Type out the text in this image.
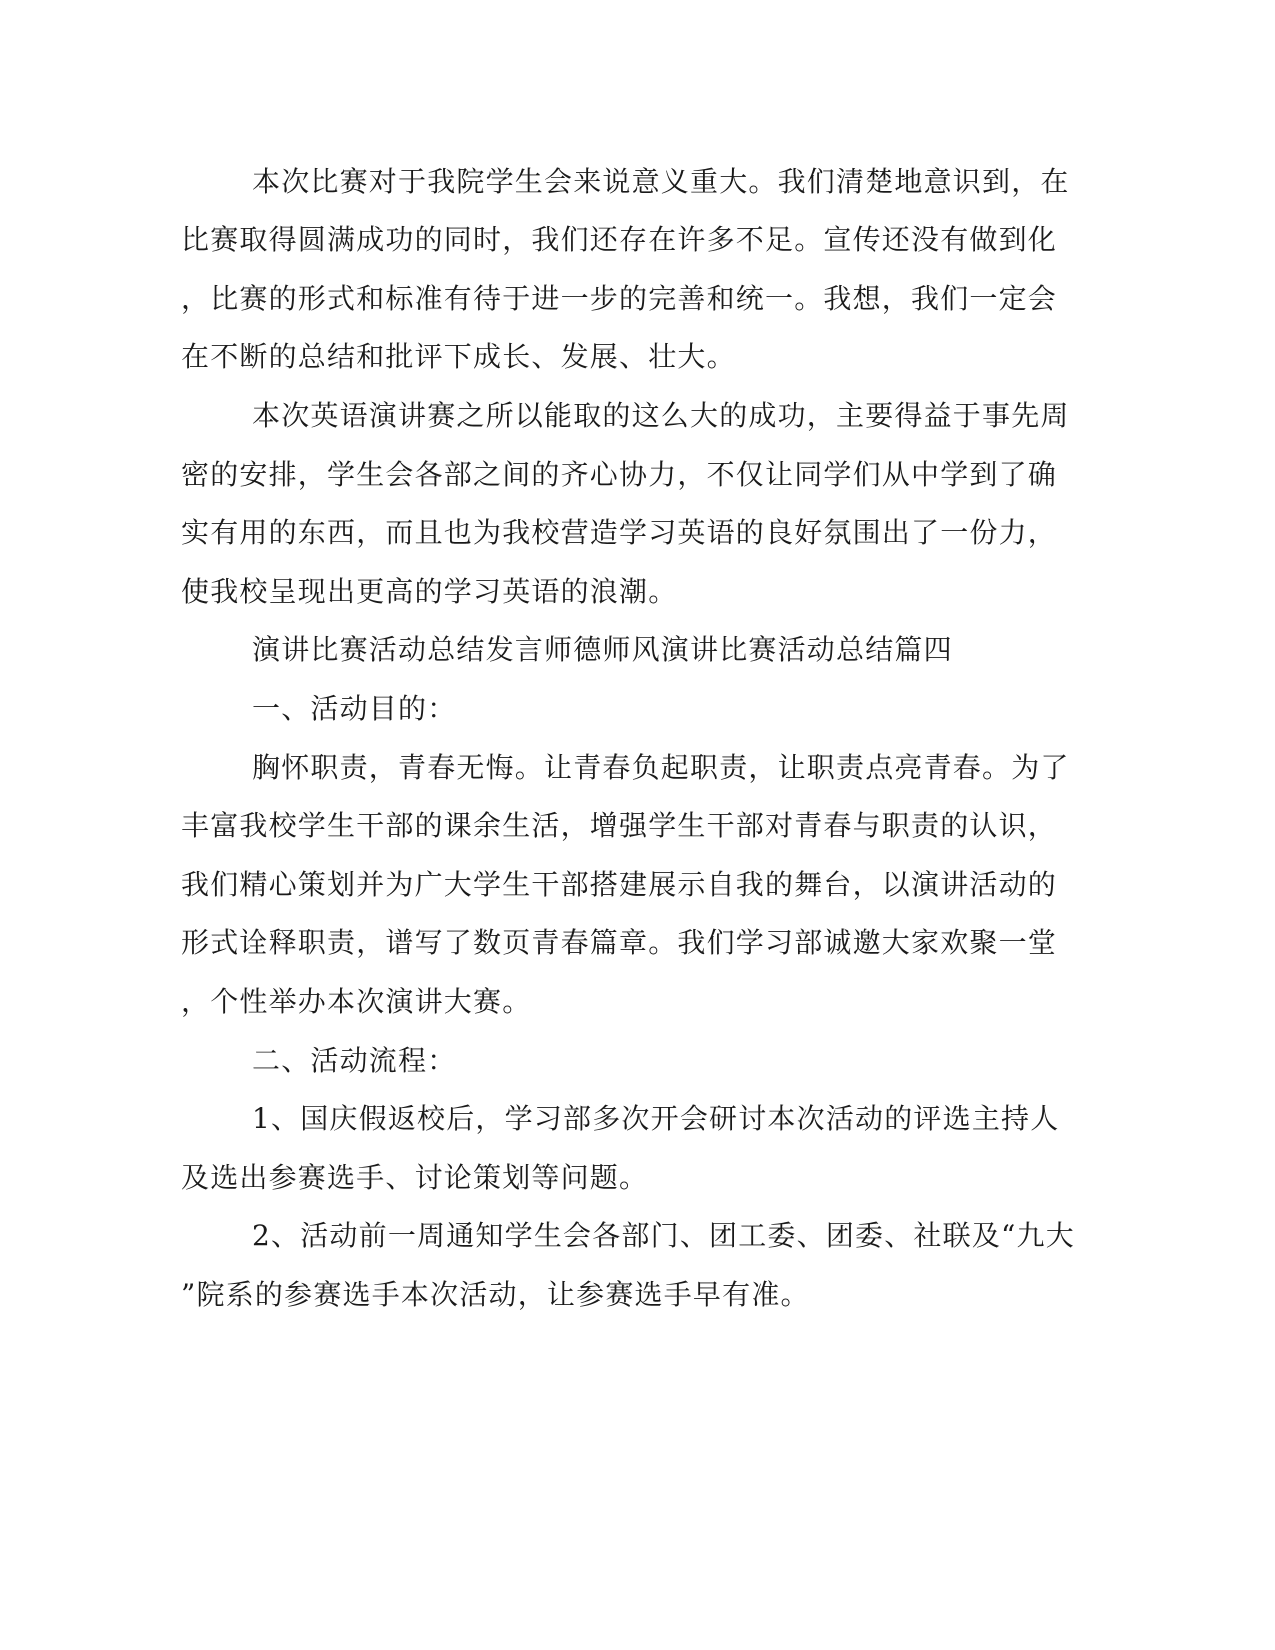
本次比赛对于我院学生会来说意义重大。我们清楚地意识到，在
比赛取得圆满成功的同时，我们还存在许多不足。宣传还没有做到化
，比赛的形式和标准有待于进一步的完善和统一。我想，我们一定会
在不断的总结和批评下成长、发展、壮大。
本次英语演讲赛之所以能取的这么大的成功，主要得益于事先周
密的安排，学生会各部之间的齐心协力，不仅让同学们从中学到了确
实有用的东西，而且也为我校营造学习英语的良好氛围出了一份力，
使我校呈现出更高的学习英语的浪潮。
演讲比赛活动总结发言师德师风演讲比赛活动总结篇四
一、活动目的：
胸怀职责，青春无悔。让青春负起职责，让职责点亮青春。为了
丰富我校学生干部的课余生活，增强学生干部对青春与职责的认识，
我们精心策划并为广大学生干部搭建展示自我的舞台，以演讲活动的
形式诠释职责，谱写了数页青春篇章。我们学习部诚邀大家欢聚一堂
，个性举办本次演讲大赛。
二、活动流程：
1、国庆假返校后，学习部多次开会研讨本次活动的评选主持人
及选出参赛选手、讨论策划等问题。
2、活动前一周通知学生会各部门、团工委、团委、社联及“九大
”院系的参赛选手本次活动，让参赛选手早有准。
